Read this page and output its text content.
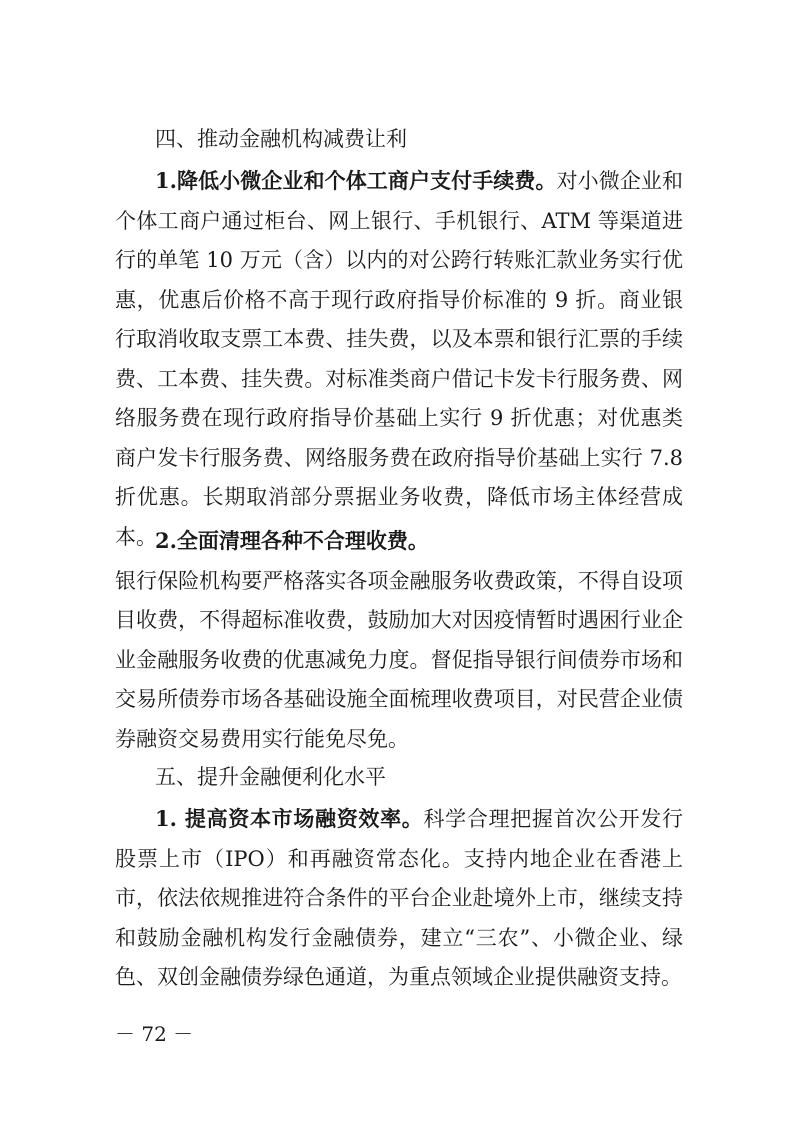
四、推动金融机构减费让利

1.降低小微企业和个体工商户支付手续费。对小微企业和个体工商户通过柜台、网上银行、手机银行、ATM 等渠道进行的单笔 10 万元（含）以内的对公跨行转账汇款业务实行优惠，优惠后价格不高于现行政府指导价标准的 9 折。商业银行取消收取支票工本费、挂失费，以及本票和银行汇票的手续费、工本费、挂失费。对标准类商户借记卡发卡行服务费、网络服务费在现行政府指导价基础上实行 9 折优惠；对优惠类商户发卡行服务费、网络服务费在政府指导价基础上实行 7.8 折优惠。长期取消部分票据业务收费，降低市场主体经营成本。

2.全面清理各种不合理收费。

银行保险机构要严格落实各项金融服务收费政策，不得自设项目收费，不得超标准收费，鼓励加大对因疫情暂时遇困行业企业金融服务收费的优惠减免力度。督促指导银行间债券市场和交易所债券市场各基础设施全面梳理收费项目，对民营企业债券融资交易费用实行能免尽免。

五、提升金融便利化水平

1. 提高资本市场融资效率。科学合理把握首次公开发行股票上市（IPO）和再融资常态化。支持内地企业在香港上市，依法依规推进符合条件的平台企业赴境外上市，继续支持和鼓励金融机构发行金融债券，建立“三农”、小微企业、绿色、双创金融债券绿色通道，为重点领域企业提供融资支持。

－ 72 －
